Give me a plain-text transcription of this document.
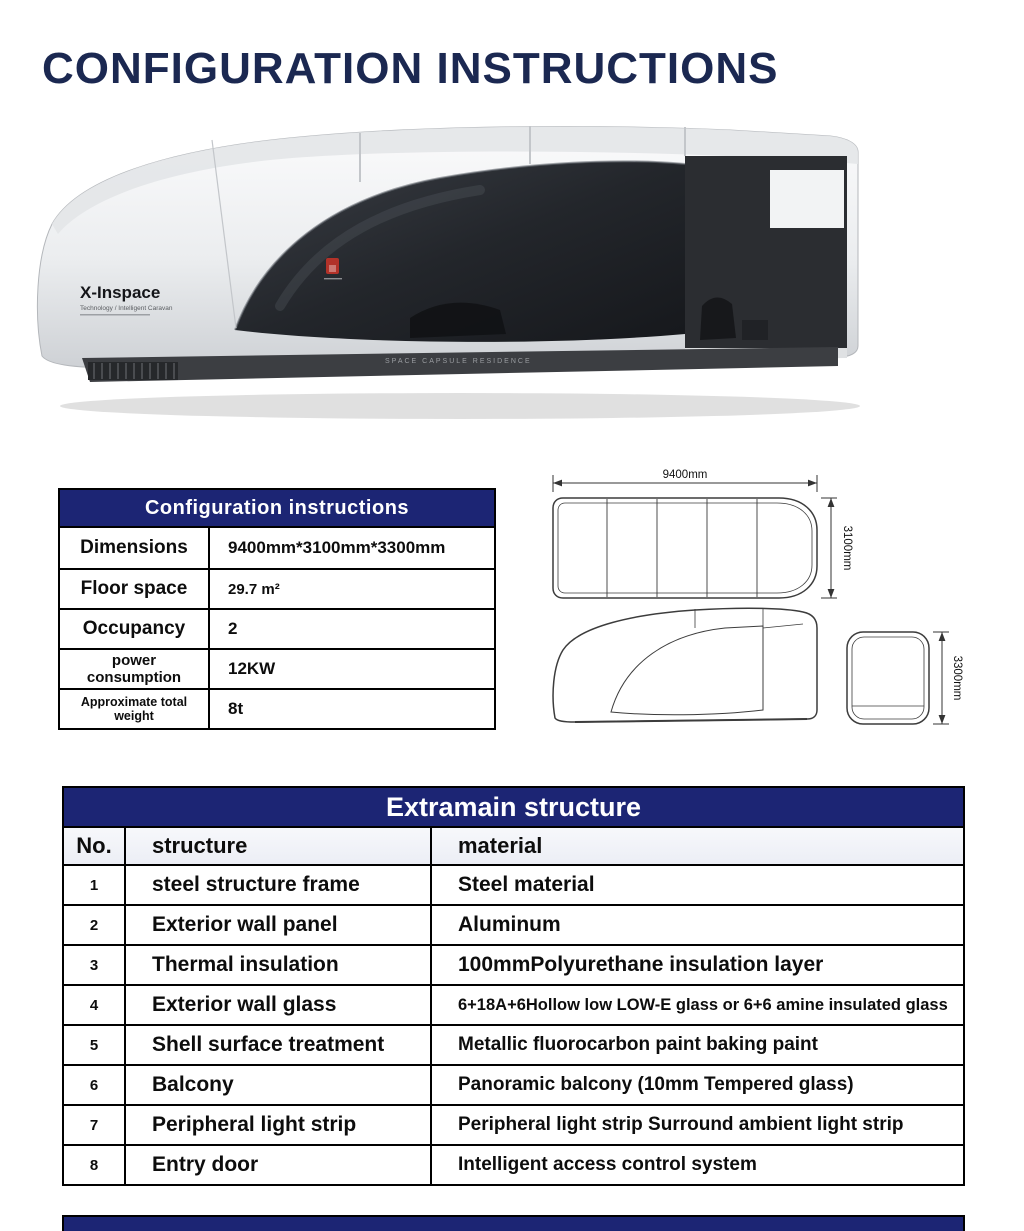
CONFIGURATION INSTRUCTIONS
X-Inspace
Technology / Intelligent Caravan
SPACE CAPSULE RESIDENCE
Configuration instructions
Dimensions	9400mm*3100mm*3300mm
Floor space	29.7 m²
Occupancy	2
power consumption	12KW
Approximate total weight	8t
9400mm
3100mm
3300mm
Extramain structure
No.	structure	material
1	steel structure frame	Steel material
2	Exterior wall panel	Aluminum
3	Thermal insulation	100mmPolyurethane insulation layer
4	Exterior wall glass	6+18A+6Hollow low LOW-E glass or 6+6 amine insulated glass
5	Shell surface treatment	Metallic fluorocarbon paint baking paint
6	Balcony	Panoramic balcony (10mm Tempered glass)
7	Peripheral light strip	Peripheral light strip Surround ambient light strip
8	Entry door	Intelligent access control system
